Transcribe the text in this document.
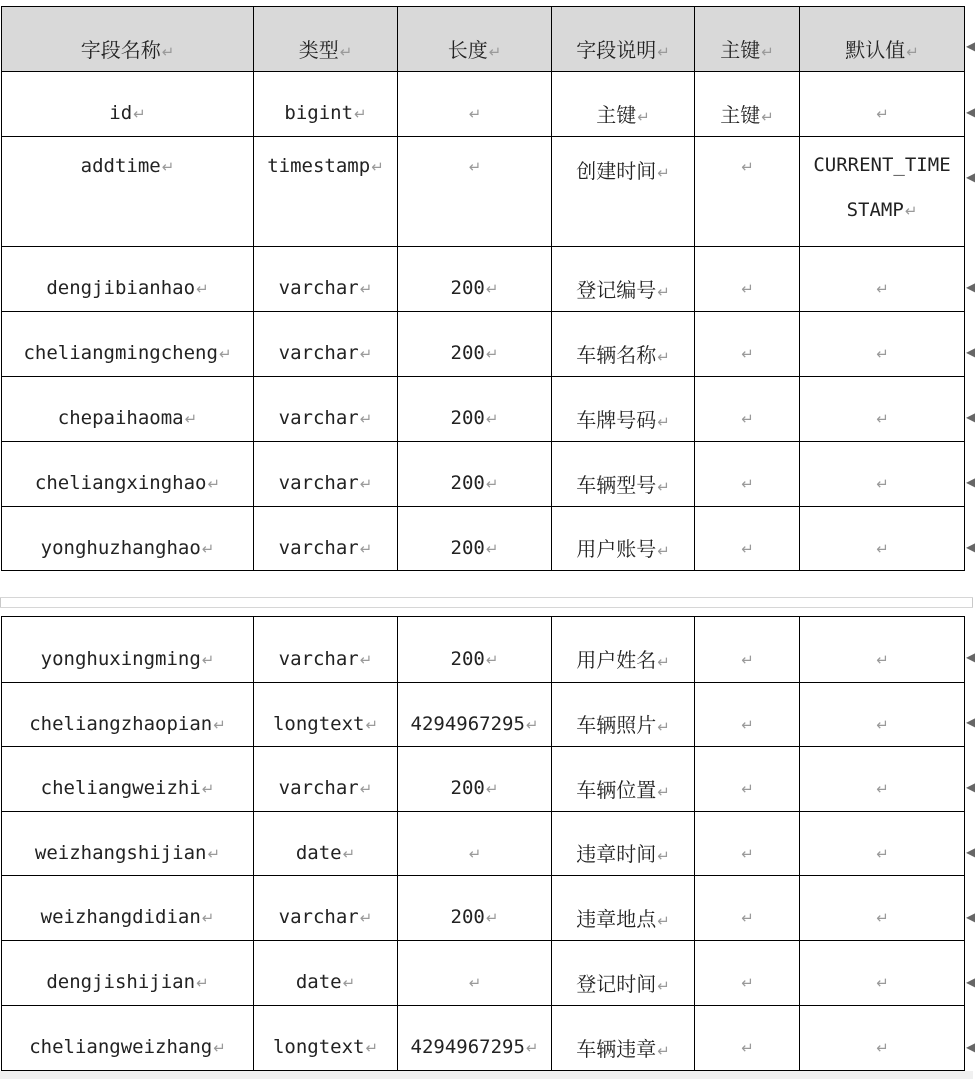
字段名称↵	类型↵	长度↵	字段说明↵	主键↵	默认值↵
id↵	bigint↵	↵	主键↵	主键↵	↵
addtime↵	timestamp↵	↵	创建时间↵	↵	CURRENT_TIMESTAMP↵
dengjibianhao↵	varchar↵	200↵	登记编号↵	↵	↵
cheliangmingcheng↵	varchar↵	200↵	车辆名称↵	↵	↵
chepaihaoma↵	varchar↵	200↵	车牌号码↵	↵	↵
cheliangxinghao↵	varchar↵	200↵	车辆型号↵	↵	↵
yonghuzhanghao↵	varchar↵	200↵	用户账号↵	↵	↵
yonghuxingming↵	varchar↵	200↵	用户姓名↵	↵	↵
cheliangzhaopian↵	longtext↵	4294967295↵	车辆照片↵	↵	↵
cheliangweizhi↵	varchar↵	200↵	车辆位置↵	↵	↵
weizhangshijian↵	date↵	↵	违章时间↵	↵	↵
weizhangdidian↵	varchar↵	200↵	违章地点↵	↵	↵
dengjishijian↵	date↵	↵	登记时间↵	↵	↵
cheliangweizhang↵	longtext↵	4294967295↵	车辆违章↵	↵	↵
◀
◀
◀
◀
◀
◀
◀
◀
◀
◀
◀
◀
◀
◀
◀
